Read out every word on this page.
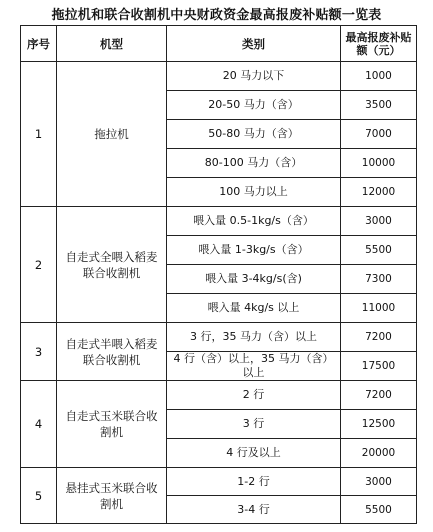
拖拉机和联合收割机中央财政资金最高报废补贴额一览表
序号	机型	类别	最高报废补贴额（元）
1	拖拉机	20 马力以下	1000
		20-50 马力（含）	3500
		50-80 马力（含）	7000
		80-100 马力（含）	10000
		100 马力以上	12000
2	自走式全喂入稻麦联合收割机	喂入量 0.5-1kg/s（含）	3000
		喂入量 1-3kg/s（含）	5500
		喂入量 3-4kg/s(含)	7300
		喂入量 4kg/s 以上	11000
3	自走式半喂入稻麦联合收割机	3 行，35 马力（含）以上	7200
		4 行（含）以上，35 马力（含）以上	17500
4	自走式玉米联合收割机	2 行	7200
		3 行	12500
		4 行及以上	20000
5	悬挂式玉米联合收割机	1-2 行	3000
		3-4 行	5500
